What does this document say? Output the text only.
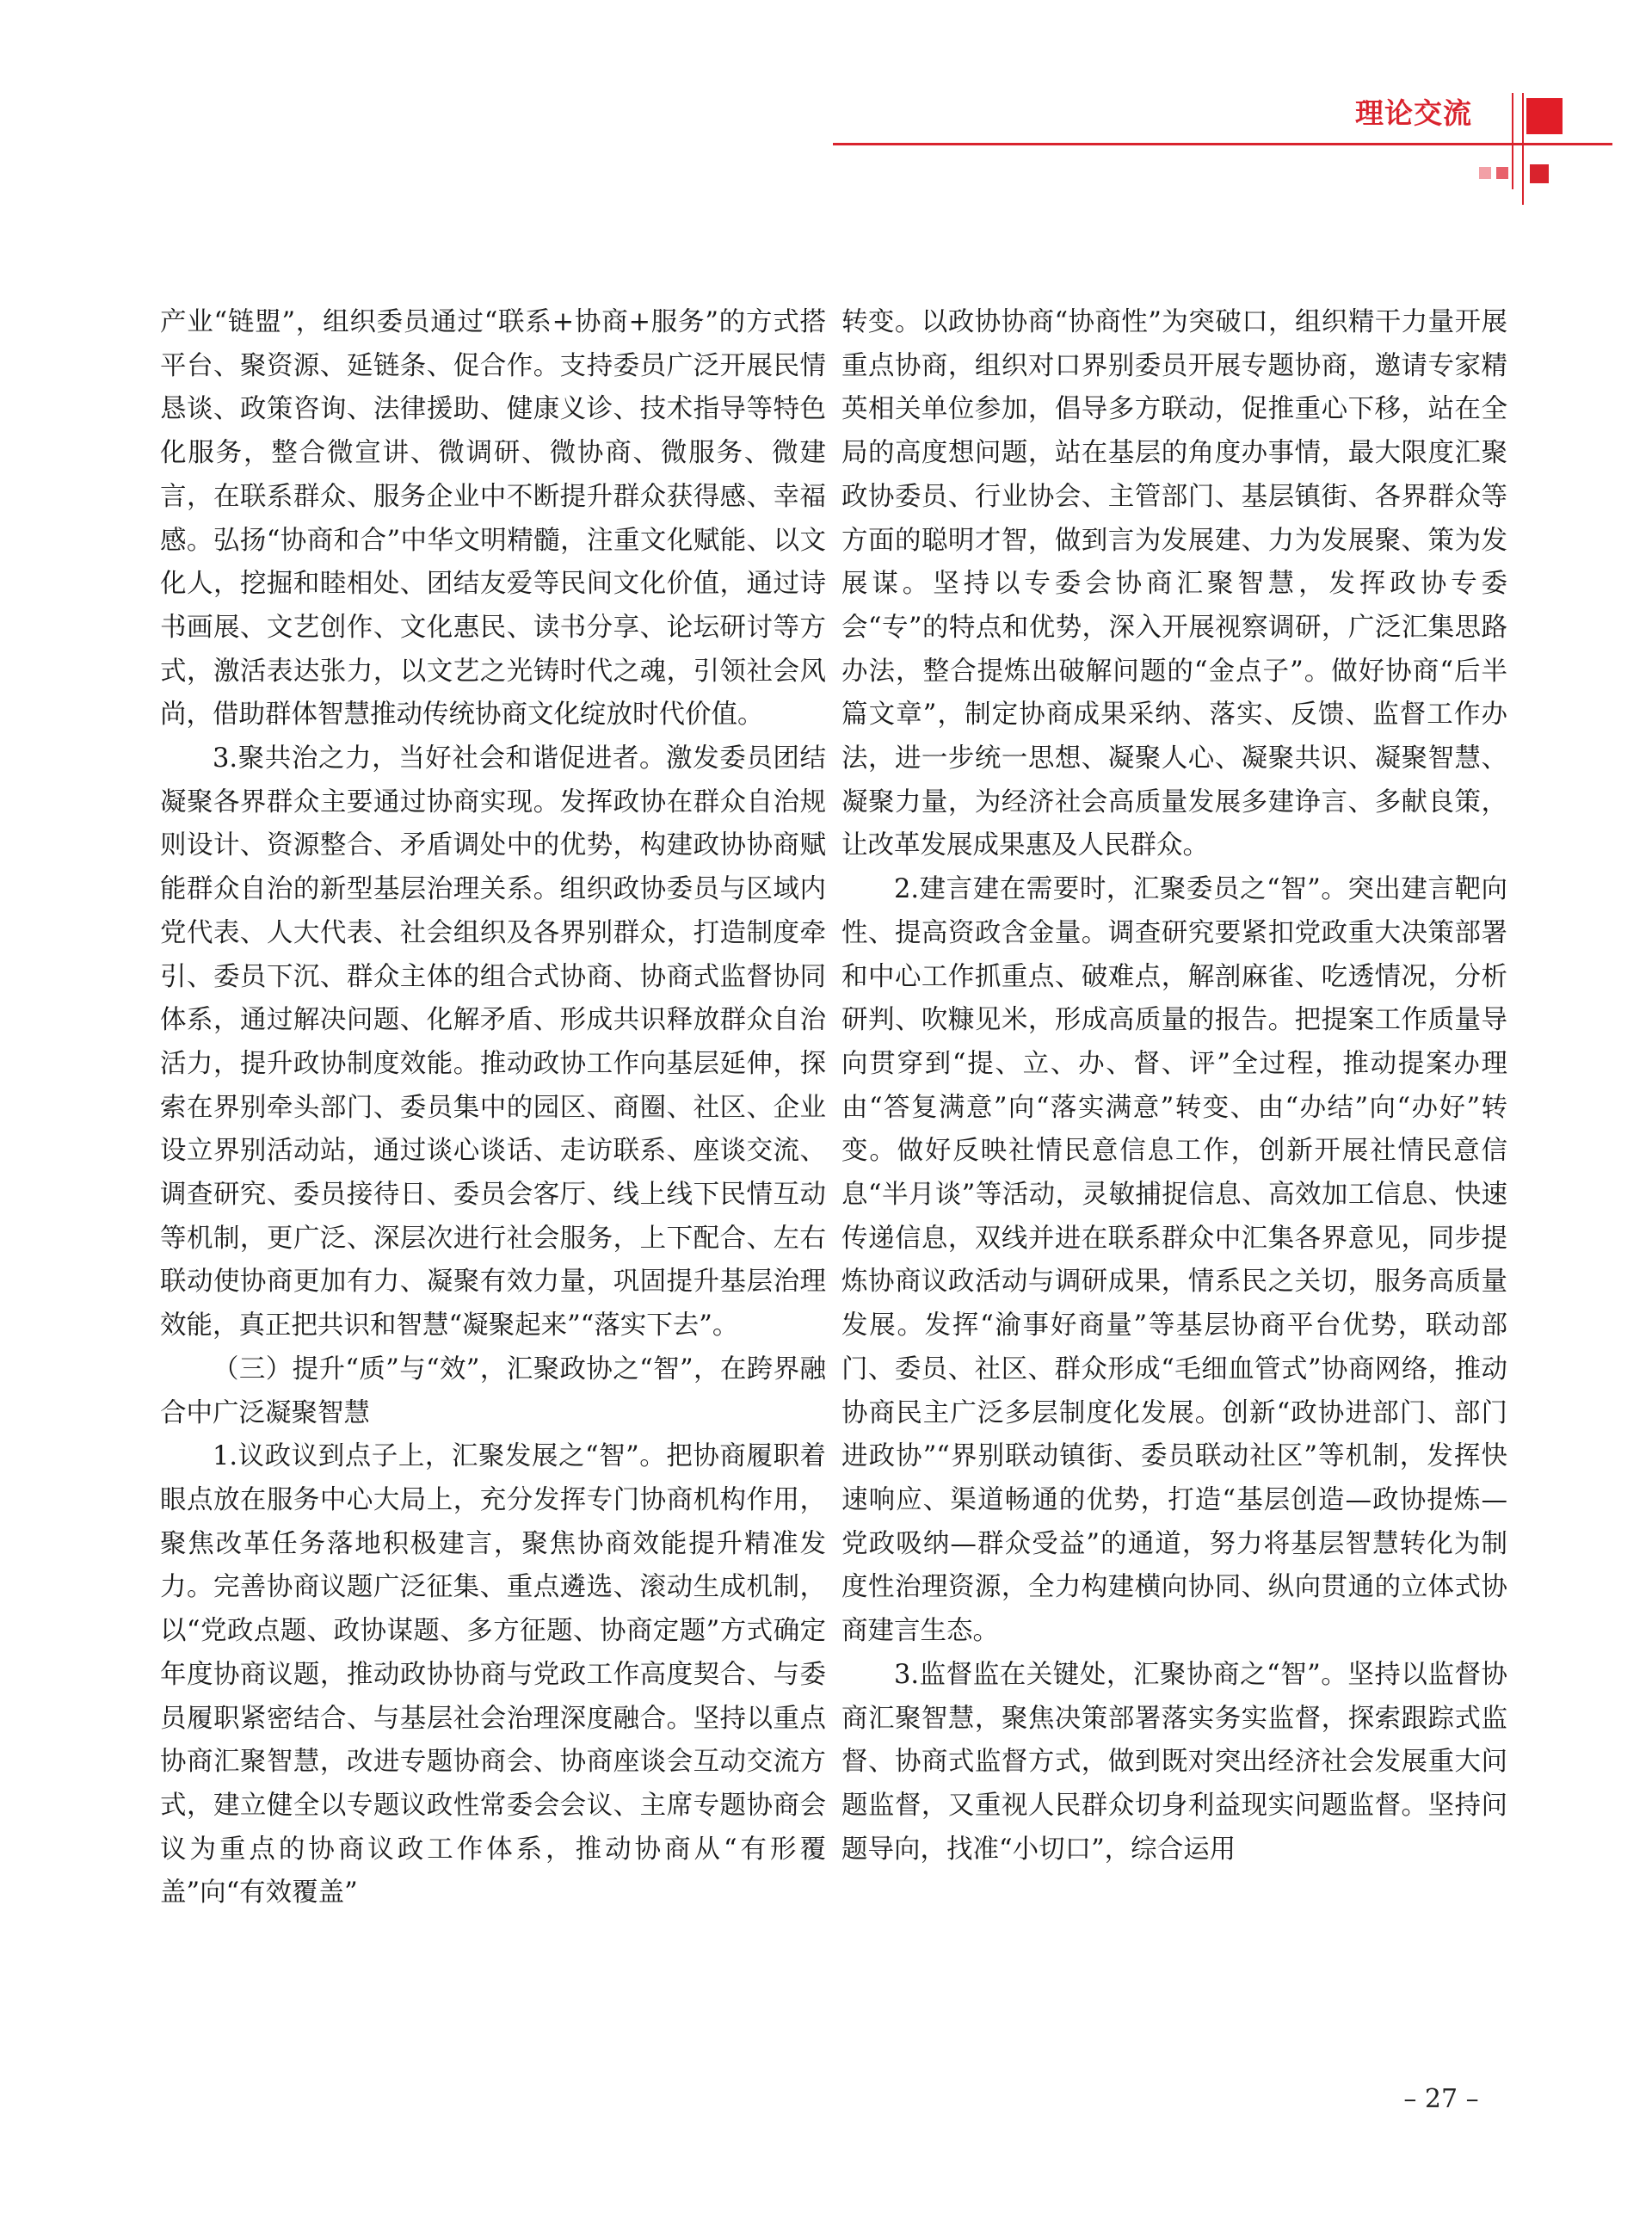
理论交流

产业“链盟”，组织委员通过“联系+协商+服务”的方式搭平台、聚资源、延链条、促合作。支持委员广泛开展民情恳谈、政策咨询、法律援助、健康义诊、技术指导等特色化服务，整合微宣讲、微调研、微协商、微服务、微建言，在联系群众、服务企业中不断提升群众获得感、幸福感。弘扬“协商和合”中华文明精髓，注重文化赋能、以文化人，挖掘和睦相处、团结友爱等民间文化价值，通过诗书画展、文艺创作、文化惠民、读书分享、论坛研讨等方式，激活表达张力，以文艺之光铸时代之魂，引领社会风尚，借助群体智慧推动传统协商文化绽放时代价值。

3.聚共治之力，当好社会和谐促进者。激发委员团结凝聚各界群众主要通过协商实现。发挥政协在群众自治规则设计、资源整合、矛盾调处中的优势，构建政协协商赋能群众自治的新型基层治理关系。组织政协委员与区域内党代表、人大代表、社会组织及各界别群众，打造制度牵引、委员下沉、群众主体的组合式协商、协商式监督协同体系，通过解决问题、化解矛盾、形成共识释放群众自治活力，提升政协制度效能。推动政协工作向基层延伸，探索在界别牵头部门、委员集中的园区、商圈、社区、企业设立界别活动站，通过谈心谈话、走访联系、座谈交流、调查研究、委员接待日、委员会客厅、线上线下民情互动等机制，更广泛、深层次进行社会服务，上下配合、左右联动使协商更加有力、凝聚有效力量，巩固提升基层治理效能，真正把共识和智慧“凝聚起来”“落实下去”。

（三）提升“质”与“效”，汇聚政协之“智”，在跨界融合中广泛凝聚智慧

1.议政议到点子上，汇聚发展之“智”。把协商履职着眼点放在服务中心大局上，充分发挥专门协商机构作用，聚焦改革任务落地积极建言，聚焦协商效能提升精准发力。完善协商议题广泛征集、重点遴选、滚动生成机制，以“党政点题、政协谋题、多方征题、协商定题”方式确定年度协商议题，推动政协协商与党政工作高度契合、与委员履职紧密结合、与基层社会治理深度融合。坚持以重点协商汇聚智慧，改进专题协商会、协商座谈会互动交流方式，建立健全以专题议政性常委会会议、主席专题协商会议为重点的协商议政工作体系，推动协商从“有形覆盖”向“有效覆盖”

转变。以政协协商“协商性”为突破口，组织精干力量开展重点协商，组织对口界别委员开展专题协商，邀请专家精英相关单位参加，倡导多方联动，促推重心下移，站在全局的高度想问题，站在基层的角度办事情，最大限度汇聚政协委员、行业协会、主管部门、基层镇街、各界群众等方面的聪明才智，做到言为发展建、力为发展聚、策为发展谋。坚持以专委会协商汇聚智慧，发挥政协专委会“专”的特点和优势，深入开展视察调研，广泛汇集思路办法，整合提炼出破解问题的“金点子”。做好协商“后半篇文章”，制定协商成果采纳、落实、反馈、监督工作办法，进一步统一思想、凝聚人心、凝聚共识、凝聚智慧、凝聚力量，为经济社会高质量发展多建诤言、多献良策，让改革发展成果惠及人民群众。

2.建言建在需要时，汇聚委员之“智”。突出建言靶向性、提高资政含金量。调查研究要紧扣党政重大决策部署和中心工作抓重点、破难点，解剖麻雀、吃透情况，分析研判、吹糠见米，形成高质量的报告。把提案工作质量导向贯穿到“提、立、办、督、评”全过程，推动提案办理由“答复满意”向“落实满意”转变、由“办结”向“办好”转变。做好反映社情民意信息工作，创新开展社情民意信息“半月谈”等活动，灵敏捕捉信息、高效加工信息、快速传递信息，双线并进在联系群众中汇集各界意见，同步提炼协商议政活动与调研成果，情系民之关切，服务高质量发展。发挥“渝事好商量”等基层协商平台优势，联动部门、委员、社区、群众形成“毛细血管式”协商网络，推动协商民主广泛多层制度化发展。创新“政协进部门、部门进政协”“界别联动镇街、委员联动社区”等机制，发挥快速响应、渠道畅通的优势，打造“基层创造—政协提炼—党政吸纳—群众受益”的通道，努力将基层智慧转化为制度性治理资源，全力构建横向协同、纵向贯通的立体式协商建言生态。

3.监督监在关键处，汇聚协商之“智”。坚持以监督协商汇聚智慧，聚焦决策部署落实务实监督，探索跟踪式监督、协商式监督方式，做到既对突出经济社会发展重大问题监督，又重视人民群众切身利益现实问题监督。坚持问题导向，找准“小切口”，综合运用

– 27 –
